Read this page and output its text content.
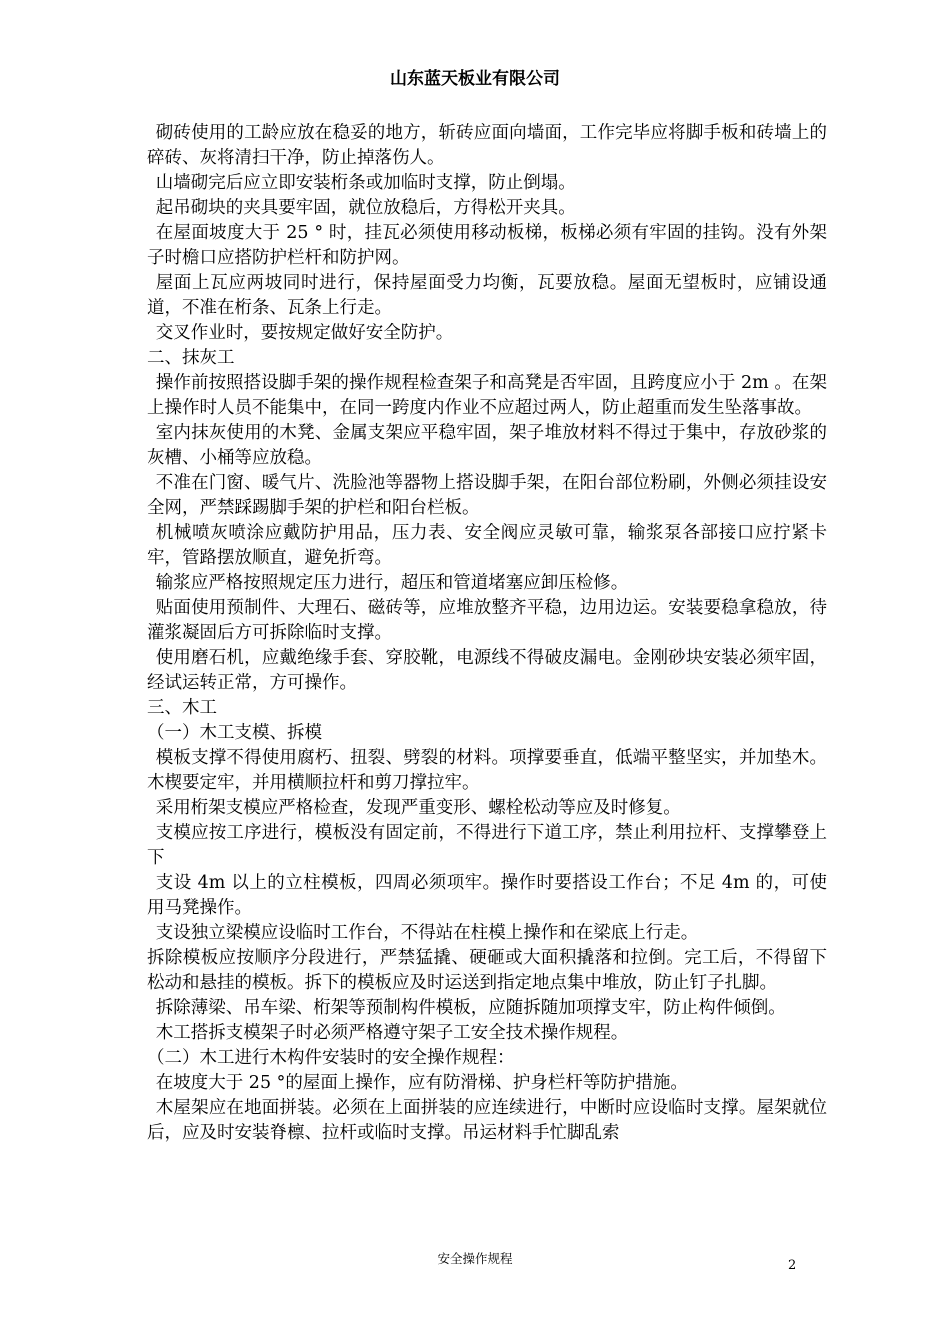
山东蓝天板业有限公司

砌砖使用的工龄应放在稳妥的地方，斩砖应面向墙面，工作完毕应将脚手板和砖墙上的碎砖、灰将清扫干净，防止掉落伤人。

山墙砌完后应立即安装桁条或加临时支撑，防止倒塌。

起吊砌块的夹具要牢固，就位放稳后，方得松开夹具。

在屋面坡度大于 25 ° 时，挂瓦必须使用移动板梯，板梯必须有牢固的挂钩。没有外架子时檐口应搭防护栏杆和防护网。

屋面上瓦应两坡同时进行，保持屋面受力均衡，瓦要放稳。屋面无望板时，应铺设通道，不准在桁条、瓦条上行走。

交叉作业时，要按规定做好安全防护。

二、抹灰工

操作前按照搭设脚手架的操作规程检查架子和高凳是否牢固，且跨度应小于 2m 。在架上操作时人员不能集中，在同一跨度内作业不应超过两人，防止超重而发生坠落事故。

室内抹灰使用的木凳、金属支架应平稳牢固，架子堆放材料不得过于集中，存放砂浆的灰槽、小桶等应放稳。

不准在门窗、暖气片、洗脸池等器物上搭设脚手架，在阳台部位粉刷，外侧必须挂设安全网，严禁踩踢脚手架的护栏和阳台栏板。

机械喷灰喷涂应戴防护用品，压力表、安全阀应灵敏可靠，输浆泵各部接口应拧紧卡牢，管路摆放顺直，避免折弯。

输浆应严格按照规定压力进行，超压和管道堵塞应卸压检修。

贴面使用预制件、大理石、磁砖等，应堆放整齐平稳，边用边运。安装要稳拿稳放，待灌浆凝固后方可拆除临时支撑。

使用磨石机，应戴绝缘手套、穿胶靴，电源线不得破皮漏电。金刚砂块安装必须牢固，经试运转正常，方可操作。

三、木工

（一）木工支模、拆模

模板支撑不得使用腐朽、扭裂、劈裂的材料。项撑要垂直，低端平整坚实，并加垫木。木楔要定牢，并用横顺拉杆和剪刀撑拉牢。

采用桁架支模应严格检查，发现严重变形、螺栓松动等应及时修复。

支模应按工序进行，模板没有固定前，不得进行下道工序，禁止利用拉杆、支撑攀登上下

支设 4m 以上的立柱模板，四周必须项牢。操作时要搭设工作台；不足 4m 的，可使用马凳操作。

支设独立梁模应设临时工作台，不得站在柱模上操作和在梁底上行走。

拆除模板应按顺序分段进行，严禁猛撬、硬砸或大面积撬落和拉倒。完工后，不得留下松动和悬挂的模板。拆下的模板应及时运送到指定地点集中堆放，防止钉子扎脚。

拆除薄梁、吊车梁、桁架等预制构件模板，应随拆随加项撑支牢，防止构件倾倒。

木工搭拆支模架子时必须严格遵守架子工安全技术操作规程。

（二）木工进行木构件安装时的安全操作规程：

在坡度大于 25 °的屋面上操作，应有防滑梯、护身栏杆等防护措施。

木屋架应在地面拼装。必须在上面拼装的应连续进行，中断时应设临时支撑。屋架就位后，应及时安装脊檩、拉杆或临时支撑。吊运材料手忙脚乱索

安全操作规程	2
